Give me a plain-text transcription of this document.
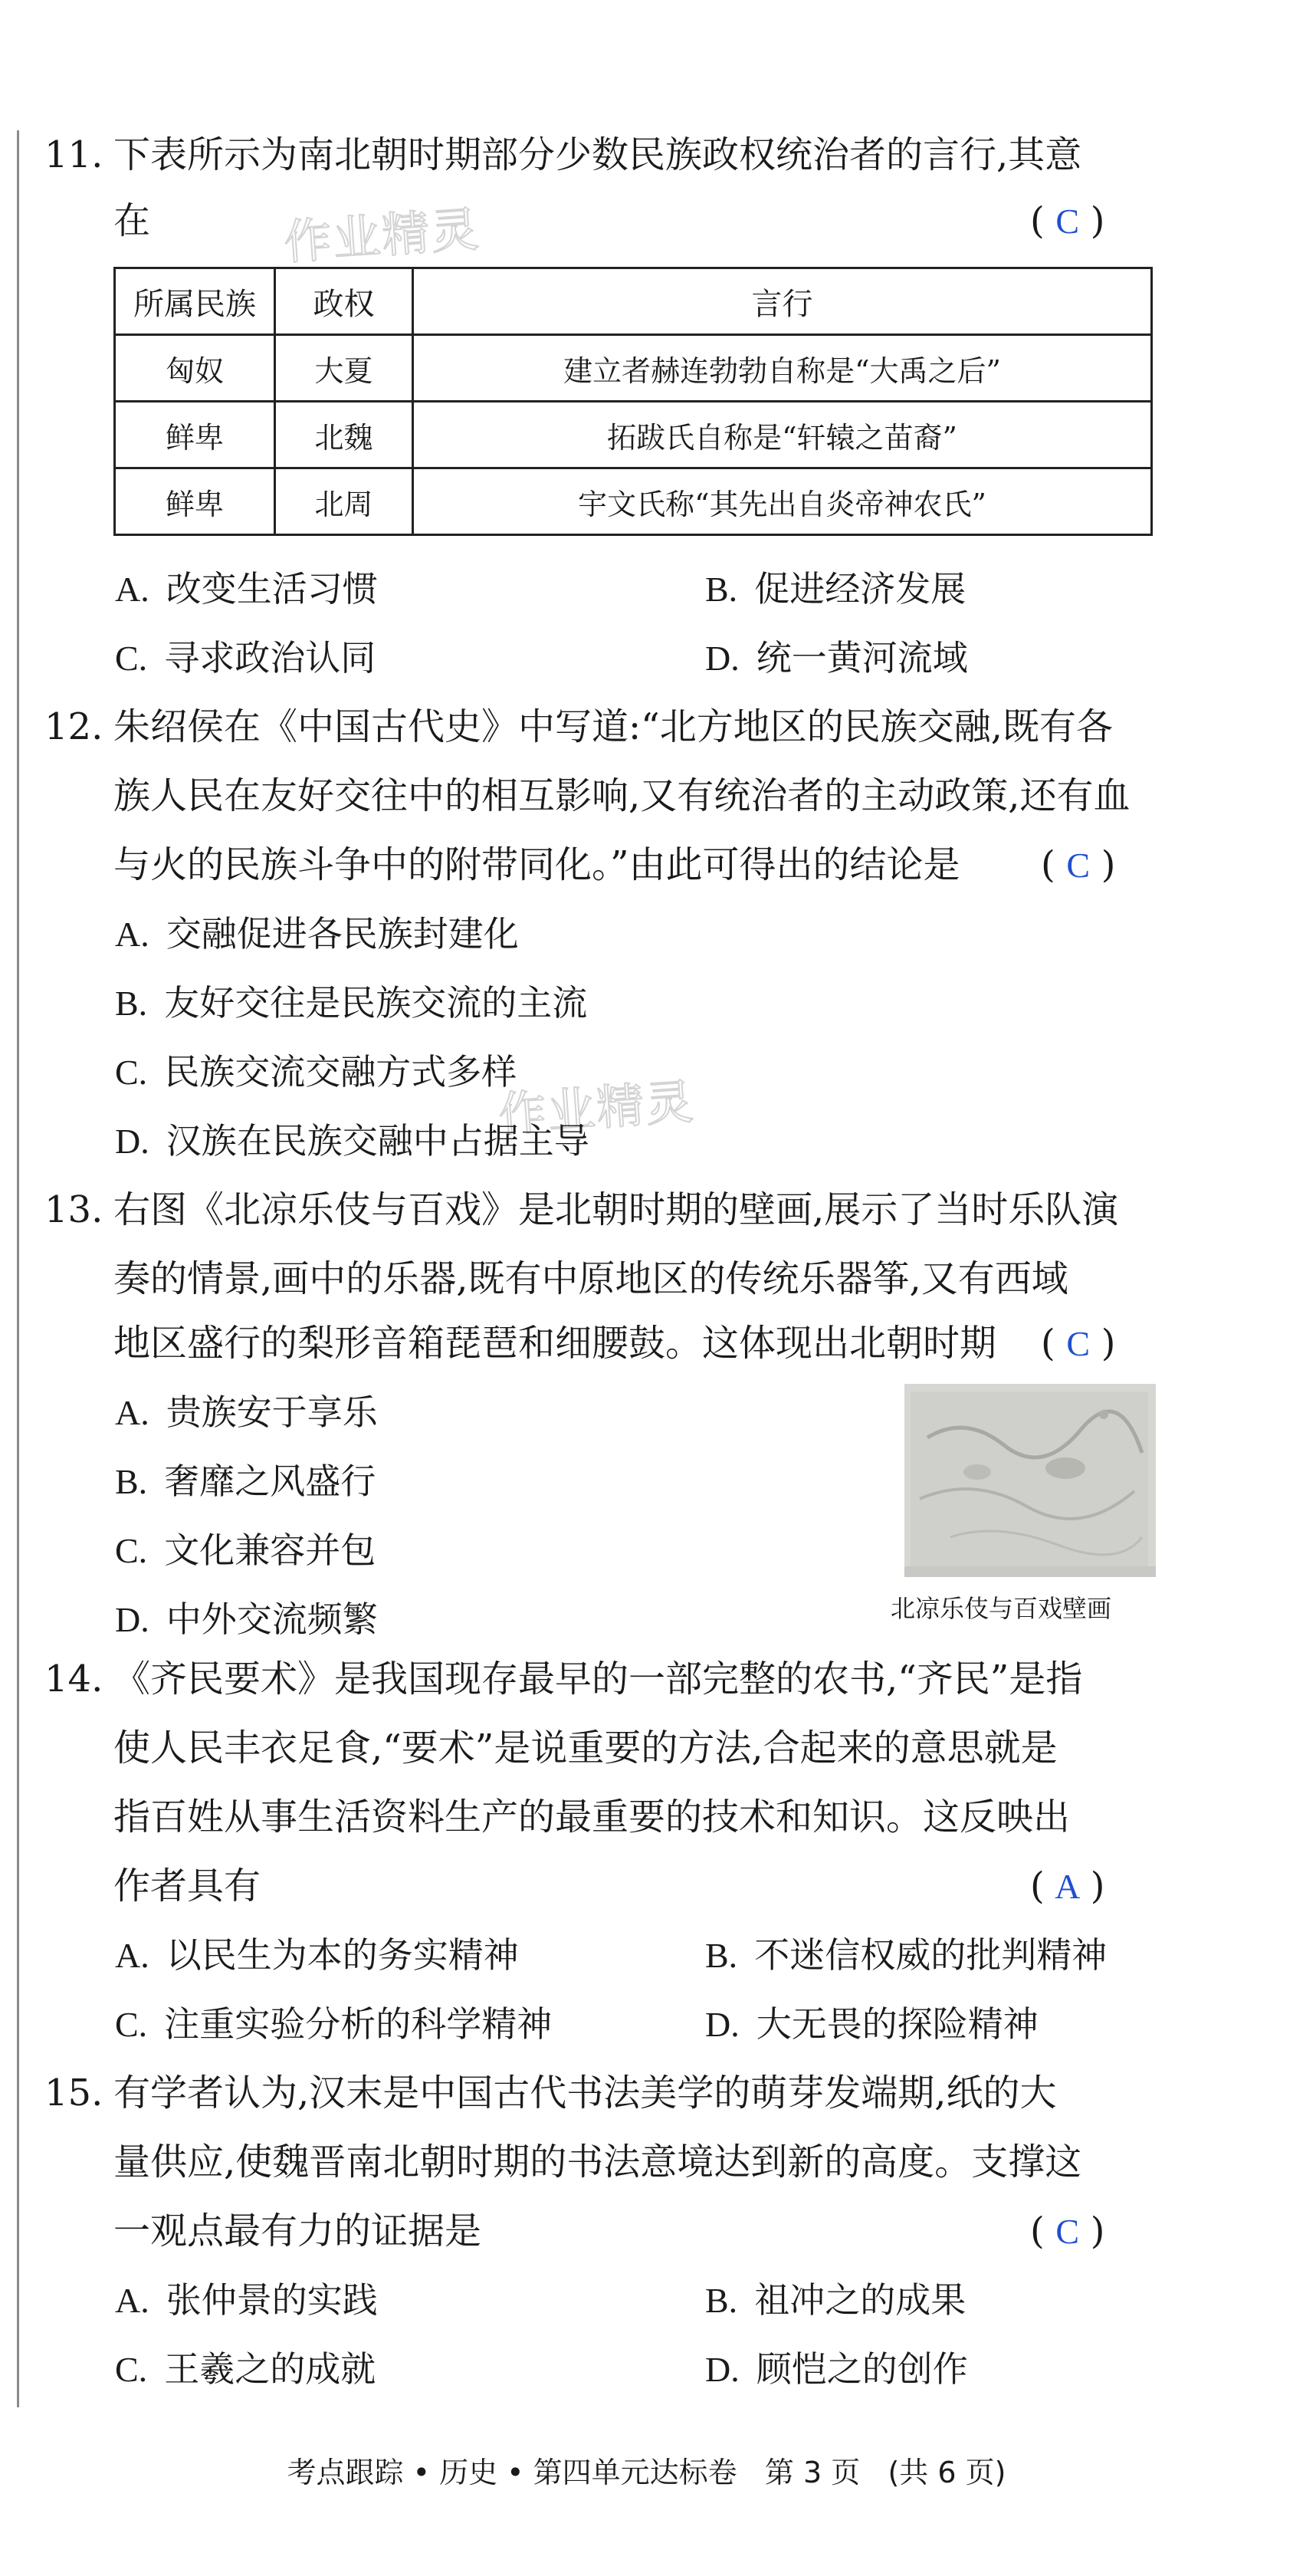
11. 下表所示为南北朝时期部分少数民族政权统治者的言行,其意
在	作业精灵	( C )
所属民族	政权	言行
匈奴	大夏	建立者赫连勃勃自称是“大禹之后”
鲜卑	北魏	拓跋氏自称是“轩辕之苗裔”
鲜卑	北周	宇文氏称“其先出自炎帝神农氏”
A. 改变生活习惯	B. 促进经济发展
C. 寻求政治认同	D. 统一黄河流域
12. 朱绍侯在《中国古代史》中写道:“北方地区的民族交融,既有各
族人民在友好交往中的相互影响,又有统治者的主动政策,还有血
与火的民族斗争中的附带同化。”由此可得出的结论是 ( C )
A. 交融促进各民族封建化
B. 友好交往是民族交流的主流
C. 民族交流交融方式多样
作业精灵
D. 汉族在民族交融中占据主导
13. 右图《北凉乐伎与百戏》是北朝时期的壁画,展示了当时乐队演
奏的情景,画中的乐器,既有中原地区的传统乐器筝,又有西域
地区盛行的梨形音箱琵琶和细腰鼓。这体现出北朝时期 ( C )
A. 贵族安于享乐
B. 奢靡之风盛行
C. 文化兼容并包
D. 中外交流频繁	北凉乐伎与百戏壁画
14. 《齐民要术》是我国现存最早的一部完整的农书,“齐民”是指
使人民丰衣足食,“要术”是说重要的方法,合起来的意思就是
指百姓从事生活资料生产的最重要的技术和知识。这反映出
作者具有	( A )
A. 以民生为本的务实精神	B. 不迷信权威的批判精神
C. 注重实验分析的科学精神	D. 大无畏的探险精神
15. 有学者认为,汉末是中国古代书法美学的萌芽发端期,纸的大
量供应,使魏晋南北朝时期的书法意境达到新的高度。支撑这
一观点最有力的证据是	( C )
A. 张仲景的实践	B. 祖冲之的成果
C. 王羲之的成就	D. 顾恺之的创作
考点跟踪 • 历史 • 第四单元达标卷   第 3 页   (共 6 页)
